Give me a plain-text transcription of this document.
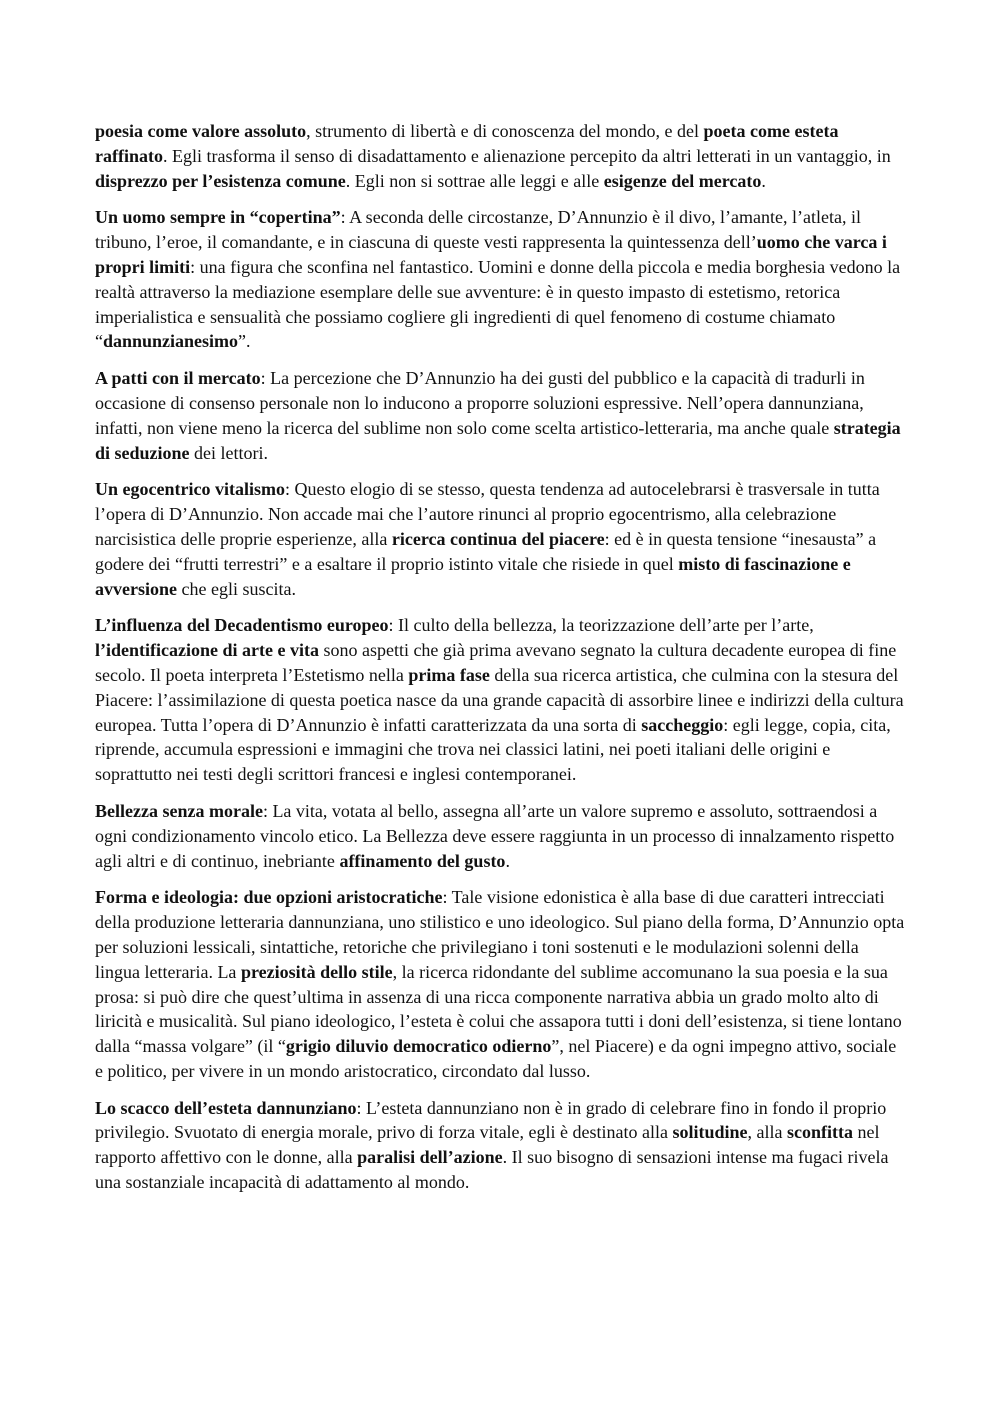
poesia come valore assoluto, strumento di libertà e di conoscenza del mondo, e del poeta come esteta raffinato. Egli trasforma il senso di disadattamento e alienazione percepito da altri letterati in un vantaggio, in disprezzo per l’esistenza comune. Egli non si sottrae alle leggi e alle esigenze del mercato.

Un uomo sempre in “copertina”: A seconda delle circostanze, D’Annunzio è il divo, l’amante, l’atleta, il tribuno, l’eroe, il comandante, e in ciascuna di queste vesti rappresenta la quintessenza dell’uomo che varca i propri limiti: una figura che sconfina nel fantastico. Uomini e donne della piccola e media borghesia vedono la realtà attraverso la mediazione esemplare delle sue avventure: è in questo impasto di estetismo, retorica imperialistica e sensualità che possiamo cogliere gli ingredienti di quel fenomeno di costume chiamato “dannunzianesimo”.

A patti con il mercato: La percezione che D’Annunzio ha dei gusti del pubblico e la capacità di tradurli in occasione di consenso personale non lo inducono a proporre soluzioni espressive. Nell’opera dannunziana, infatti, non viene meno la ricerca del sublime non solo come scelta artistico-letteraria, ma anche quale strategia di seduzione dei lettori.

Un egocentrico vitalismo: Questo elogio di se stesso, questa tendenza ad autocelebrarsi è trasversale in tutta l’opera di D’Annunzio. Non accade mai che l’autore rinunci al proprio egocentrismo, alla celebrazione narcisistica delle proprie esperienze, alla ricerca continua del piacere: ed è in questa tensione “inesausta” a godere dei “frutti terrestri” e a esaltare il proprio istinto vitale che risiede in quel misto di fascinazione e avversione che egli suscita.

L’influenza del Decadentismo europeo: Il culto della bellezza, la teorizzazione dell’arte per l’arte, l’identificazione di arte e vita sono aspetti che già prima avevano segnato la cultura decadente europea di fine secolo. Il poeta interpreta l’Estetismo nella prima fase della sua ricerca artistica, che culmina con la stesura del Piacere: l’assimilazione di questa poetica nasce da una grande capacità di assorbire linee e indirizzi della cultura europea. Tutta l’opera di D’Annunzio è infatti caratterizzata da una sorta di saccheggio: egli legge, copia, cita, riprende, accumula espressioni e immagini che trova nei classici latini, nei poeti italiani delle origini e soprattutto nei testi degli scrittori francesi e inglesi contemporanei.

Bellezza senza morale: La vita, votata al bello, assegna all’arte un valore supremo e assoluto, sottraendosi a ogni condizionamento vincolo etico. La Bellezza deve essere raggiunta in un processo di innalzamento rispetto agli altri e di continuo, inebriante affinamento del gusto.

Forma e ideologia: due opzioni aristocratiche: Tale visione edonistica è alla base di due caratteri intrecciati della produzione letteraria dannunziana, uno stilistico e uno ideologico. Sul piano della forma, D’Annunzio opta per soluzioni lessicali, sintattiche, retoriche che privilegiano i toni sostenuti e le modulazioni solenni della lingua letteraria. La preziosità dello stile, la ricerca ridondante del sublime accomunano la sua poesia e la sua prosa: si può dire che quest’ultima in assenza di una ricca componente narrativa abbia un grado molto alto di liricità e musicalità. Sul piano ideologico, l’esteta è colui che assapora tutti i doni dell’esistenza, si tiene lontano dalla “massa volgare” (il “grigio diluvio democratico odierno”, nel Piacere) e da ogni impegno attivo, sociale e politico, per vivere in un mondo aristocratico, circondato dal lusso.

Lo scacco dell’esteta dannunziano: L’esteta dannunziano non è in grado di celebrare fino in fondo il proprio privilegio. Svuotato di energia morale, privo di forza vitale, egli è destinato alla solitudine, alla sconfitta nel rapporto affettivo con le donne, alla paralisi dell’azione. Il suo bisogno di sensazioni intense ma fugaci rivela una sostanziale incapacità di adattamento al mondo.
